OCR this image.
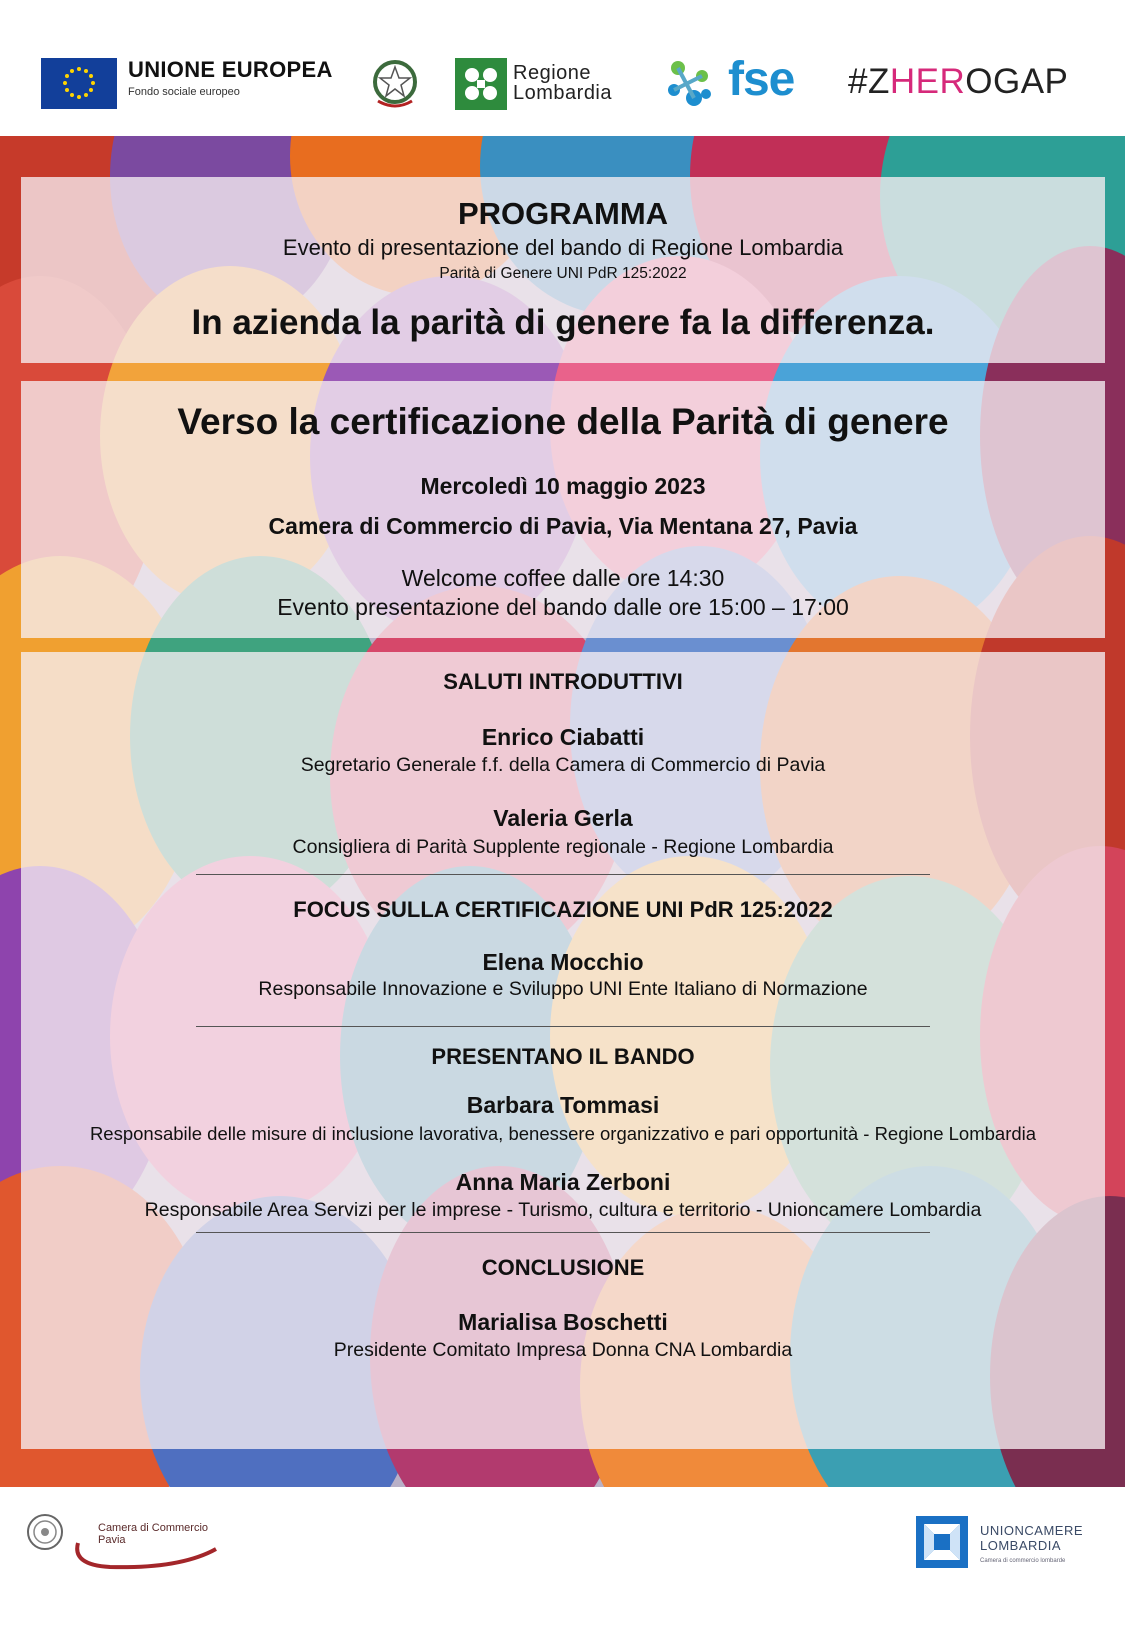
UNIONE EUROPEA
Fondo sociale europeo
Regione
Lombardia fse #ZHEROGAP
PROGRAMMA
Evento di presentazione del bando di Regione Lombardia
Parità di Genere UNI PdR 125:2022
In azienda la parità di genere fa la differenza.
Verso la certificazione della Parità di genere
Mercoledì 10 maggio 2023
Camera di Commercio di Pavia, Via Mentana 27, Pavia
Welcome coffee dalle ore 14:30
Evento presentazione del bando dalle ore 15:00 – 17:00
SALUTI INTRODUTTIVI
Enrico Ciabatti
Segretario Generale f.f. della Camera di Commercio di Pavia
Valeria Gerla
Consigliera di Parità Supplente regionale - Regione Lombardia
FOCUS SULLA CERTIFICAZIONE UNI PdR 125:2022
Elena Mocchio
Responsabile Innovazione e Sviluppo UNI Ente Italiano di Normazione
PRESENTANO IL BANDO
Barbara Tommasi
Responsabile delle misure di inclusione lavorativa, benessere organizzativo e pari opportunità - Regione Lombardia
Anna Maria Zerboni
Responsabile Area Servizi per le imprese - Turismo, cultura e territorio - Unioncamere Lombardia
CONCLUSIONE
Marialisa Boschetti
Presidente Comitato Impresa Donna CNA Lombardia
Camera di Commercio
Pavia
UNIONCAMERE
LOMBARDIA
Camera di commercio lombarde
